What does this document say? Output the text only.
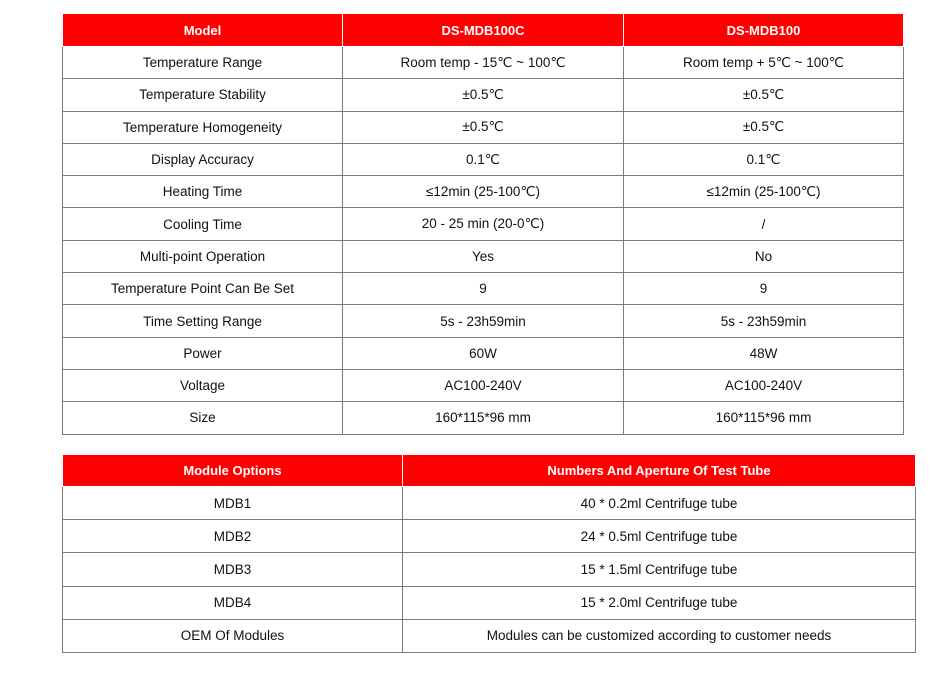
Model	DS-MDB100C	DS-MDB100
Temperature Range	Room temp - 15℃ ~ 100℃	Room temp + 5℃ ~ 100℃
Temperature Stability	±0.5℃	±0.5℃
Temperature Homogeneity	±0.5℃	±0.5℃
Display Accuracy	0.1℃	0.1℃
Heating Time	≤12min (25-100℃)	≤12min (25-100℃)
Cooling Time	20 - 25 min (20-0℃)	/
Multi-point Operation	Yes	No
Temperature Point Can Be Set	9	9
Time Setting Range	5s - 23h59min	5s - 23h59min
Power	60W	48W
Voltage	AC100-240V	AC100-240V
Size	160*115*96 mm	160*115*96 mm
Module Options	Numbers And Aperture Of Test Tube
MDB1	40 * 0.2ml Centrifuge tube
MDB2	24 * 0.5ml Centrifuge tube
MDB3	15 * 1.5ml Centrifuge tube
MDB4	15 * 2.0ml Centrifuge tube
OEM Of Modules	Modules can be customized according to customer needs
